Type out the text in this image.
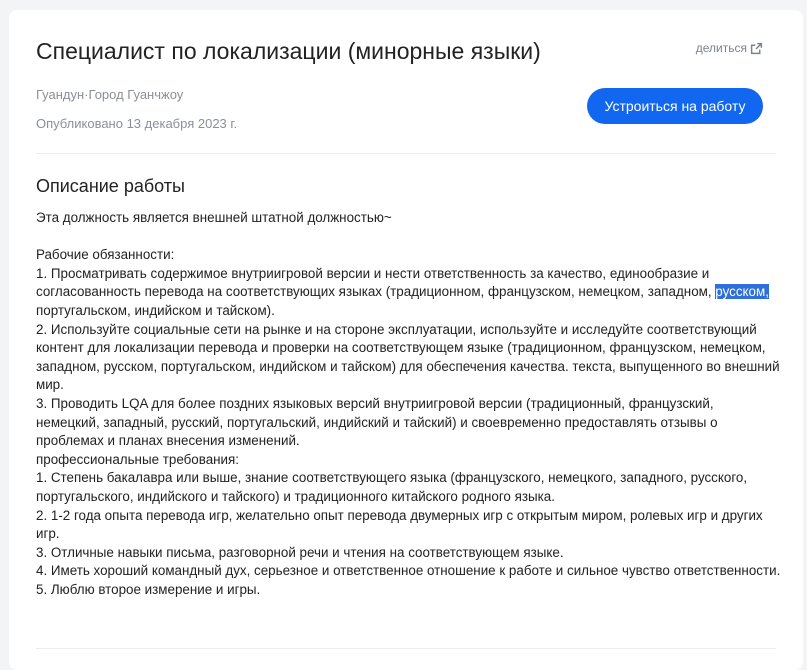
Специалист по локализации (минорные языки)	делиться
Гуандун·Город Гуанчжоу
Опубликовано 13 декабря 2023 г.
Устроиться на работу
Описание работы

Эта должность является внешней штатной должностью~

Рабочие обязанности:

1. Просматривать содержимое внутриигровой версии и нести ответственность за качество, единообразие и согласованность перевода на соответствующих языках (традиционном, французском, немецком, западном, русском, португальском, индийском и тайском).

2. Используйте социальные сети на рынке и на стороне эксплуатации, используйте и исследуйте соответствующий контент для локализации перевода и проверки на соответствующем языке (традиционном, французском, немецком, западном, русском, португальском, индийском и тайском) для обеспечения качества. текста, выпущенного во внешний мир.

3. Проводить LQA для более поздних языковых версий внутриигровой версии (традиционный, французский, немецкий, западный, русский, португальский, индийский и тайский) и своевременно предоставлять отзывы о проблемах и планах внесения изменений.

профессиональные требования:

1. Степень бакалавра или выше, знание соответствующего языка (французского, немецкого, западного, русского, португальского, индийского и тайского) и традиционного китайского родного языка.

2. 1-2 года опыта перевода игр, желательно опыт перевода двумерных игр с открытым миром, ролевых игр и других игр.

3. Отличные навыки письма, разговорной речи и чтения на соответствующем языке.

4. Иметь хороший командный дух, серьезное и ответственное отношение к работе и сильное чувство ответственности.

5. Люблю второе измерение и игры.
